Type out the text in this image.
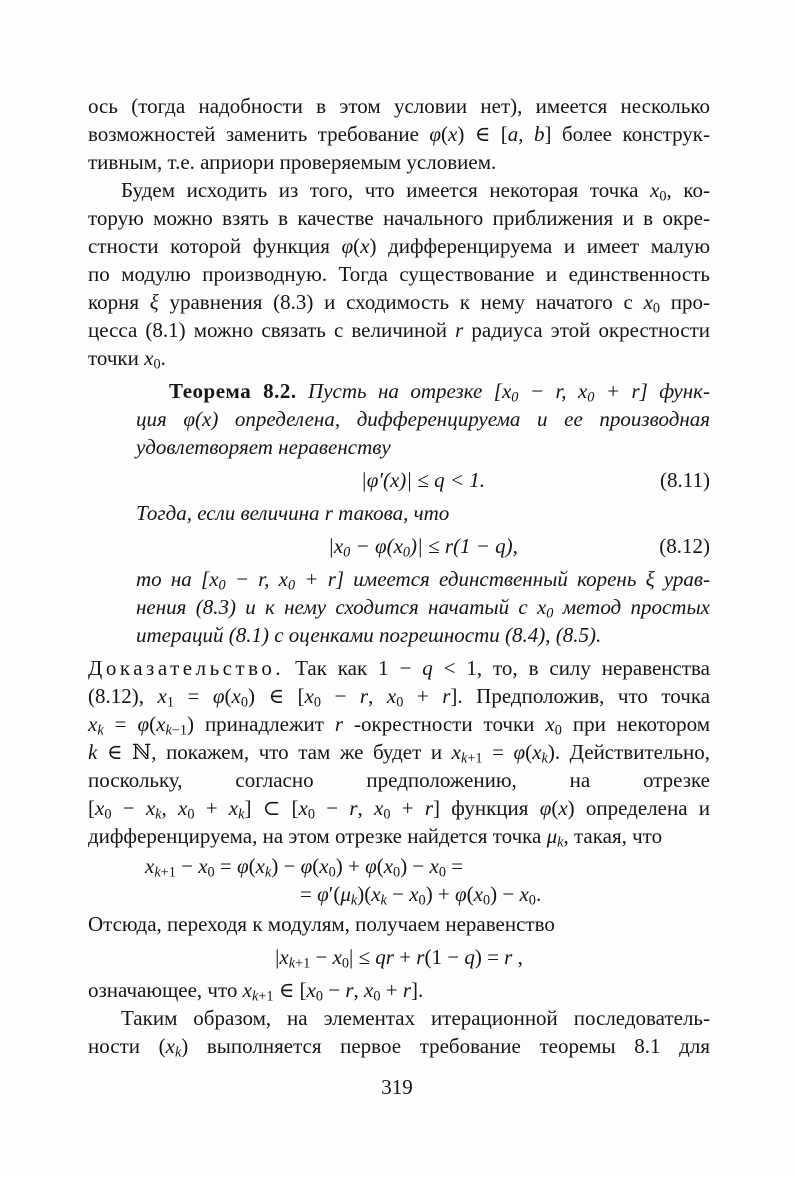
ось (тогда надобности в этом условии нет), имеется несколько
возможностей заменить требование φ(x) ∈ [a, b] более конструк-
тивным, т.е. априори проверяемым условием.
Будем исходить из того, что имеется некоторая точка $x_0$, ко-
торую можно взять в качестве начального приближения и в окре-
стности которой функция φ(x) дифференцируема и имеет малую
по модулю производную. Тогда существование и единственность
корня ξ уравнения (8.3) и сходимость к нему начатого с $x_0$ про-
цесса (8.1) можно связать с величиной r радиуса этой окрестности
точки $x_0$.
Теорема 8.2. Пусть на отрезке [$x_0 - r$, $x_0 + r$] функ-
ция φ(x) определена, дифференцируема и ее производная
удовлетворяет неравенству
|φ′(x)| ≤ q < 1.	(8.11)
Тогда, если величина r такова, что
$|x_0 - \varphi(x_0)| \le r(1 - q)$,	(8.12)
то на [$x_0 - r$, $x_0 + r$] имеется единственный корень ξ урав-
нения (8.3) и к нему сходится начатый с $x_0$ метод простых
итераций (8.1) с оценками погрешности (8.4), (8.5).
Доказательство. Так как 1 − q < 1, то, в силу неравенства
(8.12), $x_1 = \varphi(x_0)$ ∈ [$x_0 - r$, $x_0 + r$]. Предположив, что точка
$x_k = \varphi(x_{k-1})$ принадлежит r -окрестности точки $x_0$ при некотором
k ∈ ℕ, покажем, что там же будет и $x_{k+1} = \varphi(x_k)$. Действительно,
поскольку, согласно предположению, на отрезке
[$x_0 - x_k$, $x_0 + x_k$] ⊂ [$x_0 - r$, $x_0 + r$] функция φ(x) определена и
дифференцируема, на этом отрезке найдется точка $\mu_k$, такая, что
$x_{k+1} - x_0 = \varphi(x_k) - \varphi(x_0) + \varphi(x_0) - x_0$ =
= $\varphi'(\mu_k)(x_k - x_0) + \varphi(x_0) - x_0$.
Отсюда, переходя к модулям, получаем неравенство
$|x_{k+1} - x_0|$ ≤ qr + r(1 − q) = r ,
означающее, что $x_{k+1}$ ∈ [$x_0 - r$, $x_0 + r$].
Таким образом, на элементах итерационной последователь-
ности $(x_k)$ выполняется первое требование теоремы 8.1 для
319
